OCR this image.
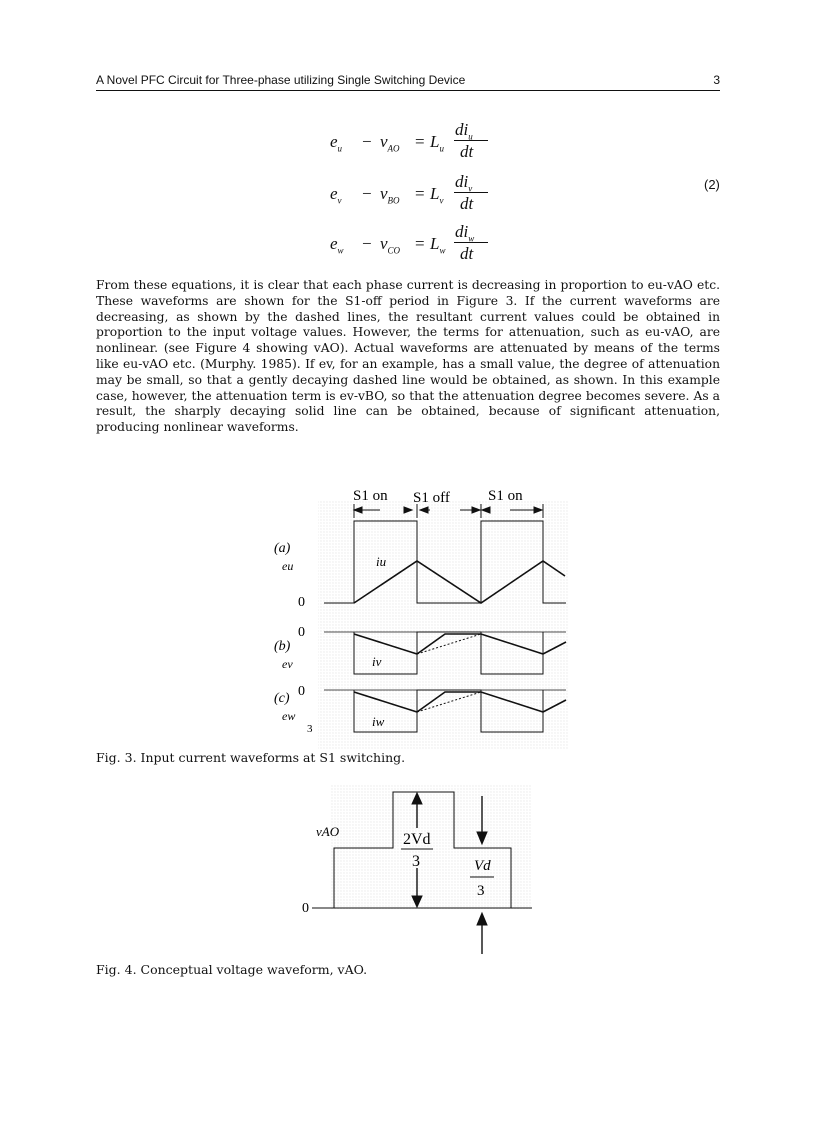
A Novel PFC Circuit for Three-phase utilizing Single Switching Device	3
$e_u - v_{AO} = L_u$
$di_u$
dt
$e_v - v_{BO} = L_v$
$di_v$
dt
$e_w - v_{CO} = L_w$
$di_w$
dt
(2)

From these equations, it is clear that each phase current is decreasing in proportion to eu-vAO etc. These waveforms are shown for the S1-off period in Figure 3. If the current waveforms are decreasing, as shown by the dashed lines, the resultant current values could be obtained in proportion to the input voltage values. However, the terms for attenuation, such as eu-vAO, are nonlinear. (see Figure 4 showing vAO). Actual waveforms are attenuated by means of the terms like eu-vAO etc. (Murphy. 1985). If ev, for an example, has a small value, the degree of attenuation may be small, so that a gently decaying dashed line would be obtained, as shown. In this example case, however, the attenuation term is ev-vBO, so that the attenuation degree becomes severe. As a result, the sharply decaying solid line can be obtained, because of significant attenuation, producing nonlinear waveforms.

S1 on S1 off	S1 on
(a)
eu
0
iu
0
(b)
ev	iv
(c) 0
ew
3	iw
Fig. 3. Input current waveforms at S1 switching.
vAO
0
2Vd
3	Vd
3
Fig. 4. Conceptual voltage waveform, vAO.
